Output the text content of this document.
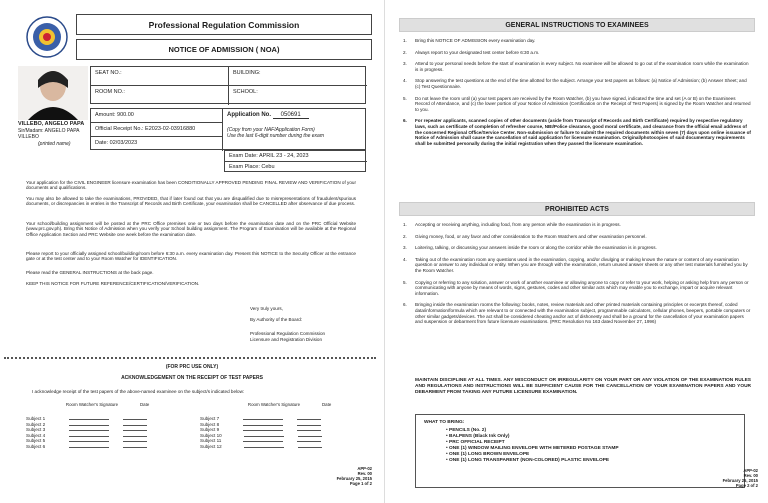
Professional Regulation Commission
NOTICE OF ADMISSION ( NOA)
VILLEBO, ANGELO PAPA
Sir/Madam: ANGELO PAPA VILLEBO
(printed name)
SEAT NO.:	BUILDING:
ROOM NO.:	SCHOOL:
Amount: 900.00
Official Receipt No.: E2023-02-03916880
Date: 02/03/2023
Application No. 050691
(Copy from your NAF/Application Form)
Use the last 6-digit number during the exam
Exam Date: APRIL 23 - 24, 2023
Exam Place: Cebu
Your application for the CIVIL ENGINEER licensure examination has been CONDITIONALLY APPROVED PENDING FINAL REVIEW AND VERIFICATION of your documents and qualifications.
You may also be allowed to take the examinations, PROVIDED, that if later found out that you are disqualified due to misrepresentations of fraudulent/spurious documents, or discrepancies in entries in the Transcript of Records and Birth Certificate, your examination shall be CANCELLED after observance of due process.
Your school/building assignment will be posted at the PRC Office premises one or two days before the examination date and on the PRC Official Website (www.prc.gov.ph). Bring this Notice of Admission when you verify your School building assignment. The Program of Examination will be available at the Regional Office Application Section and PRC Website one week before the examination date.
Please report to your officially assigned school/building/room before 6:30 a.m. every examination day. Present this NOTICE to the Security Officer at the entrance gate or at the test center and to your Room Watcher for IDENTIFICATION.
Please read the GENERAL INSTRUCTIONS at the back page.
KEEP THIS NOTICE FOR FUTURE REFERENCE/CERTIFICATION/VERIFICATION.
Very truly yours,
By Authority of the Board:
Professional Regulation Commission
Licensure and Registration Division
(FOR PRC USE ONLY)
ACKNOWLEDGEMENT ON THE RECEIPT OF TEST PAPERS
I acknowledge receipt of the test papers of the above-named examinee on the subject/s indicated below:
Room Watcher's Signature	Date	Room Watcher's Signature	Date
Subject 1
Subject 2
Subject 3
Subject 4
Subject 5
Subject 6
Subject 7
Subject 8
Subject 9
Subject 10
Subject 11
Subject 12
APP-02
Rev. 00
February 25, 2015
Page 1 of 2
GENERAL INSTRUCTIONS TO EXAMINEES
1.	Bring this NOTICE OF ADMISSION every examination day.
2.	Always report to your designated test center before 6:30 a.m.
3.	Attend to your personal needs before the start of examination in every subject. No examinee will be allowed to go out of the examination room while the examination is in progress.
4.	Stop answering the test questions at the end of the time allotted for the subject. Arrange your test papers as follows: (a) Notice of Admission; (b) Answer Sheet; and (c) Test Questionnaire.
5.	Do not leave the room until (a) your test papers are received by the Room Watcher, (b) you have signed, indicated the time and set (A or B) on the Examinees Record of Attendance, and (c) the lower portion of your Notice of Admission (Certification on the Receipt of Test Papers) is signed by the Room Watcher and returned to you.
6.	For repeater applicants, scanned copies of other documents (aside from Transcript of Records and Birth Certificate) required by respective regulatory laws, such as certificate of completion of refresher course, NBI/Police clearance, good moral certificate, and clearance from the official email address of the concerned Regional Office/Service Center. Non-submission or failure to submit the required documents within seven (7) days upon online issuance of Notice of Admission shall cause the cancellation of said application for licensure examination. Original/photocopies of said documentary requirements shall be submitted personally during the initial registration when they passed the licensure examination.
PROHIBITED ACTS
1.	Accepting or receiving anything, including food, from any person while the examination is in progress.
2.	Giving money, food, or any favor and other consideration to the Room Watchers and other examination personnel.
3.	Loitering, talking, or discussing your answers inside the room or along the corridor while the examination is in progress.
4.	Taking out of the examination room any questions used in the examination, copying, and/or divulging or making known the nature or content of any examination question or answer to any individual or entity. When you are through with the examination, return unused answer sheets or any other test materials furnished you by the Room Watcher.
5.	Copying or referring to any solution, answer or work of another examinee or allowing anyone to copy or refer to your work, helping or asking help from any person or communicating with anyone by means of words, signs, gestures, codes and other similar acts which may enable you to exchange, impart or acquire relevant information.
6.	Bringing inside the examination rooms the following: books, notes, review materials and other printed materials containing principles or excerpts thereof, coded data/information/formula which are relevant to or connected with the examination subject, programmable calculators, cellular phones, beepers, portable computers or other similar gadgets/devices. The act shall be considered cheating and/or act of dishonesty and shall be a ground for the cancellation of your examination papers and suspension or debarment from future licensure examinations. (PRC Resolution No 163 dated November 27, 1996)
MAINTAIN DISCIPLINE AT ALL TIMES. ANY MISCONDUCT OR IRREGULARITY ON YOUR PART OR ANY VIOLATION OF THE EXAMINATION RULES AND REGULATIONS AND INSTRUCTIONS WILL BE SUFFICIENT CAUSE FOR THE CANCELLATION OF YOUR EXAMINATION PAPERS AND YOUR DEBARMENT FROM TAKING ANY FUTURE LICENSURE EXAMINATION.
WHAT TO BRING:
• PENCILS (No. 2)
• BALPENS (Black Ink Only)
• PRC OFFICIAL RECEIPT
• ONE (1) WINDOW MAILING ENVELOPE WITH METERED POSTAGE STAMP
• ONE (1) LONG BROWN ENVELOPE
• ONE (1) LONG TRANSPARENT (NON-COLORED) PLASTIC ENVELOPE
APP-02
Rev. 00
February 25, 2015
Page 2 of 2
